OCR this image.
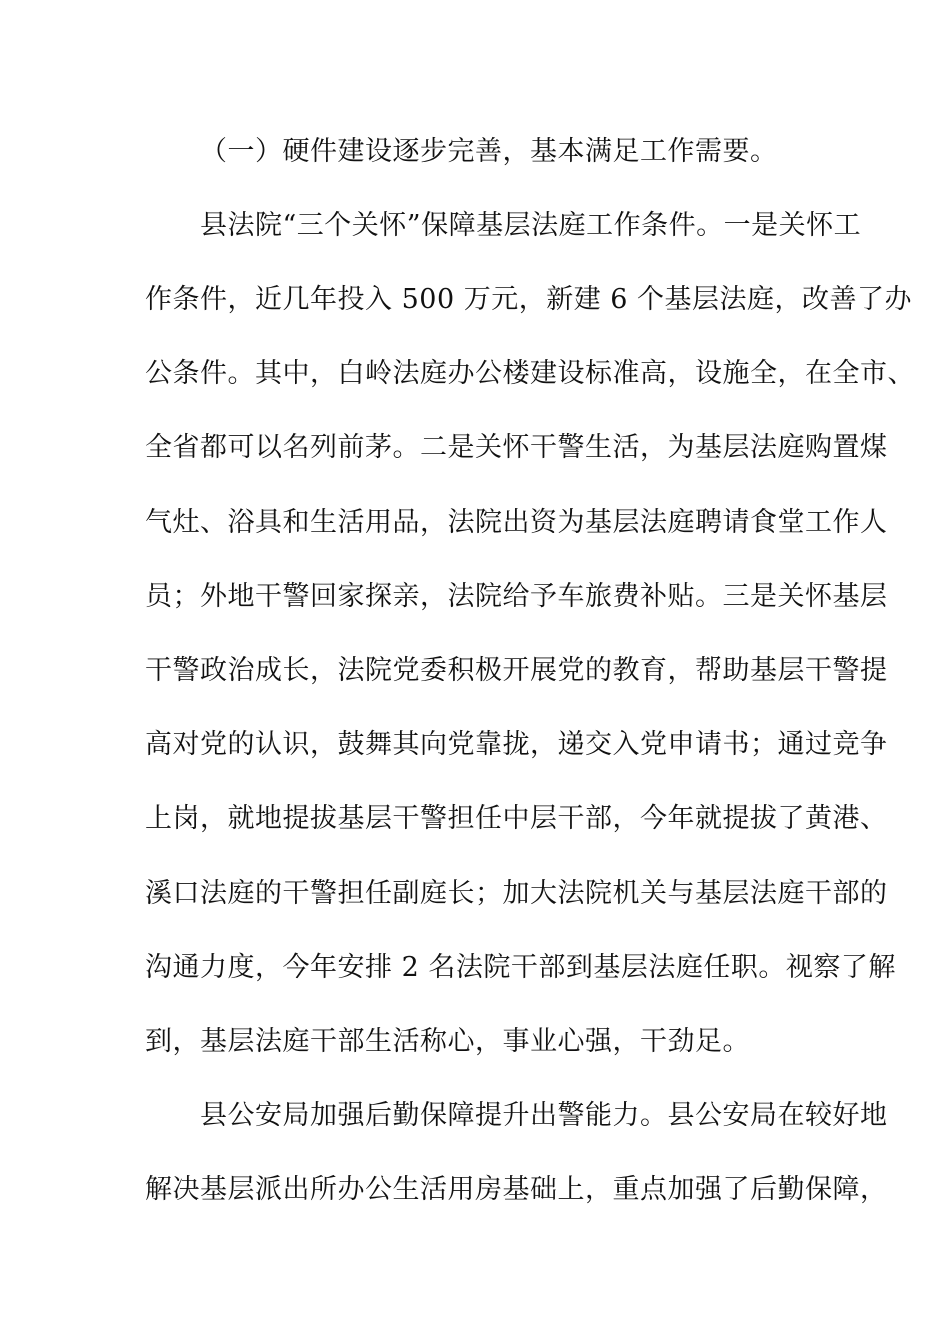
（一）硬件建设逐步完善，基本满足工作需要。
县法院“三个关怀”保障基层法庭工作条件。一是关怀工
作条件，近几年投入 500 万元，新建 6 个基层法庭，改善了办
公条件。其中，白岭法庭办公楼建设标准高，设施全，在全市、
全省都可以名列前茅。二是关怀干警生活，为基层法庭购置煤
气灶、浴具和生活用品，法院出资为基层法庭聘请食堂工作人
员；外地干警回家探亲，法院给予车旅费补贴。三是关怀基层
干警政治成长，法院党委积极开展党的教育，帮助基层干警提
高对党的认识，鼓舞其向党靠拢，递交入党申请书；通过竞争
上岗，就地提拔基层干警担任中层干部，今年就提拔了黄港、
溪口法庭的干警担任副庭长；加大法院机关与基层法庭干部的
沟通力度，今年安排 2 名法院干部到基层法庭任职。视察了解
到，基层法庭干部生活称心，事业心强，干劲足。
县公安局加强后勤保障提升出警能力。县公安局在较好地
解决基层派出所办公生活用房基础上，重点加强了后勤保障，
